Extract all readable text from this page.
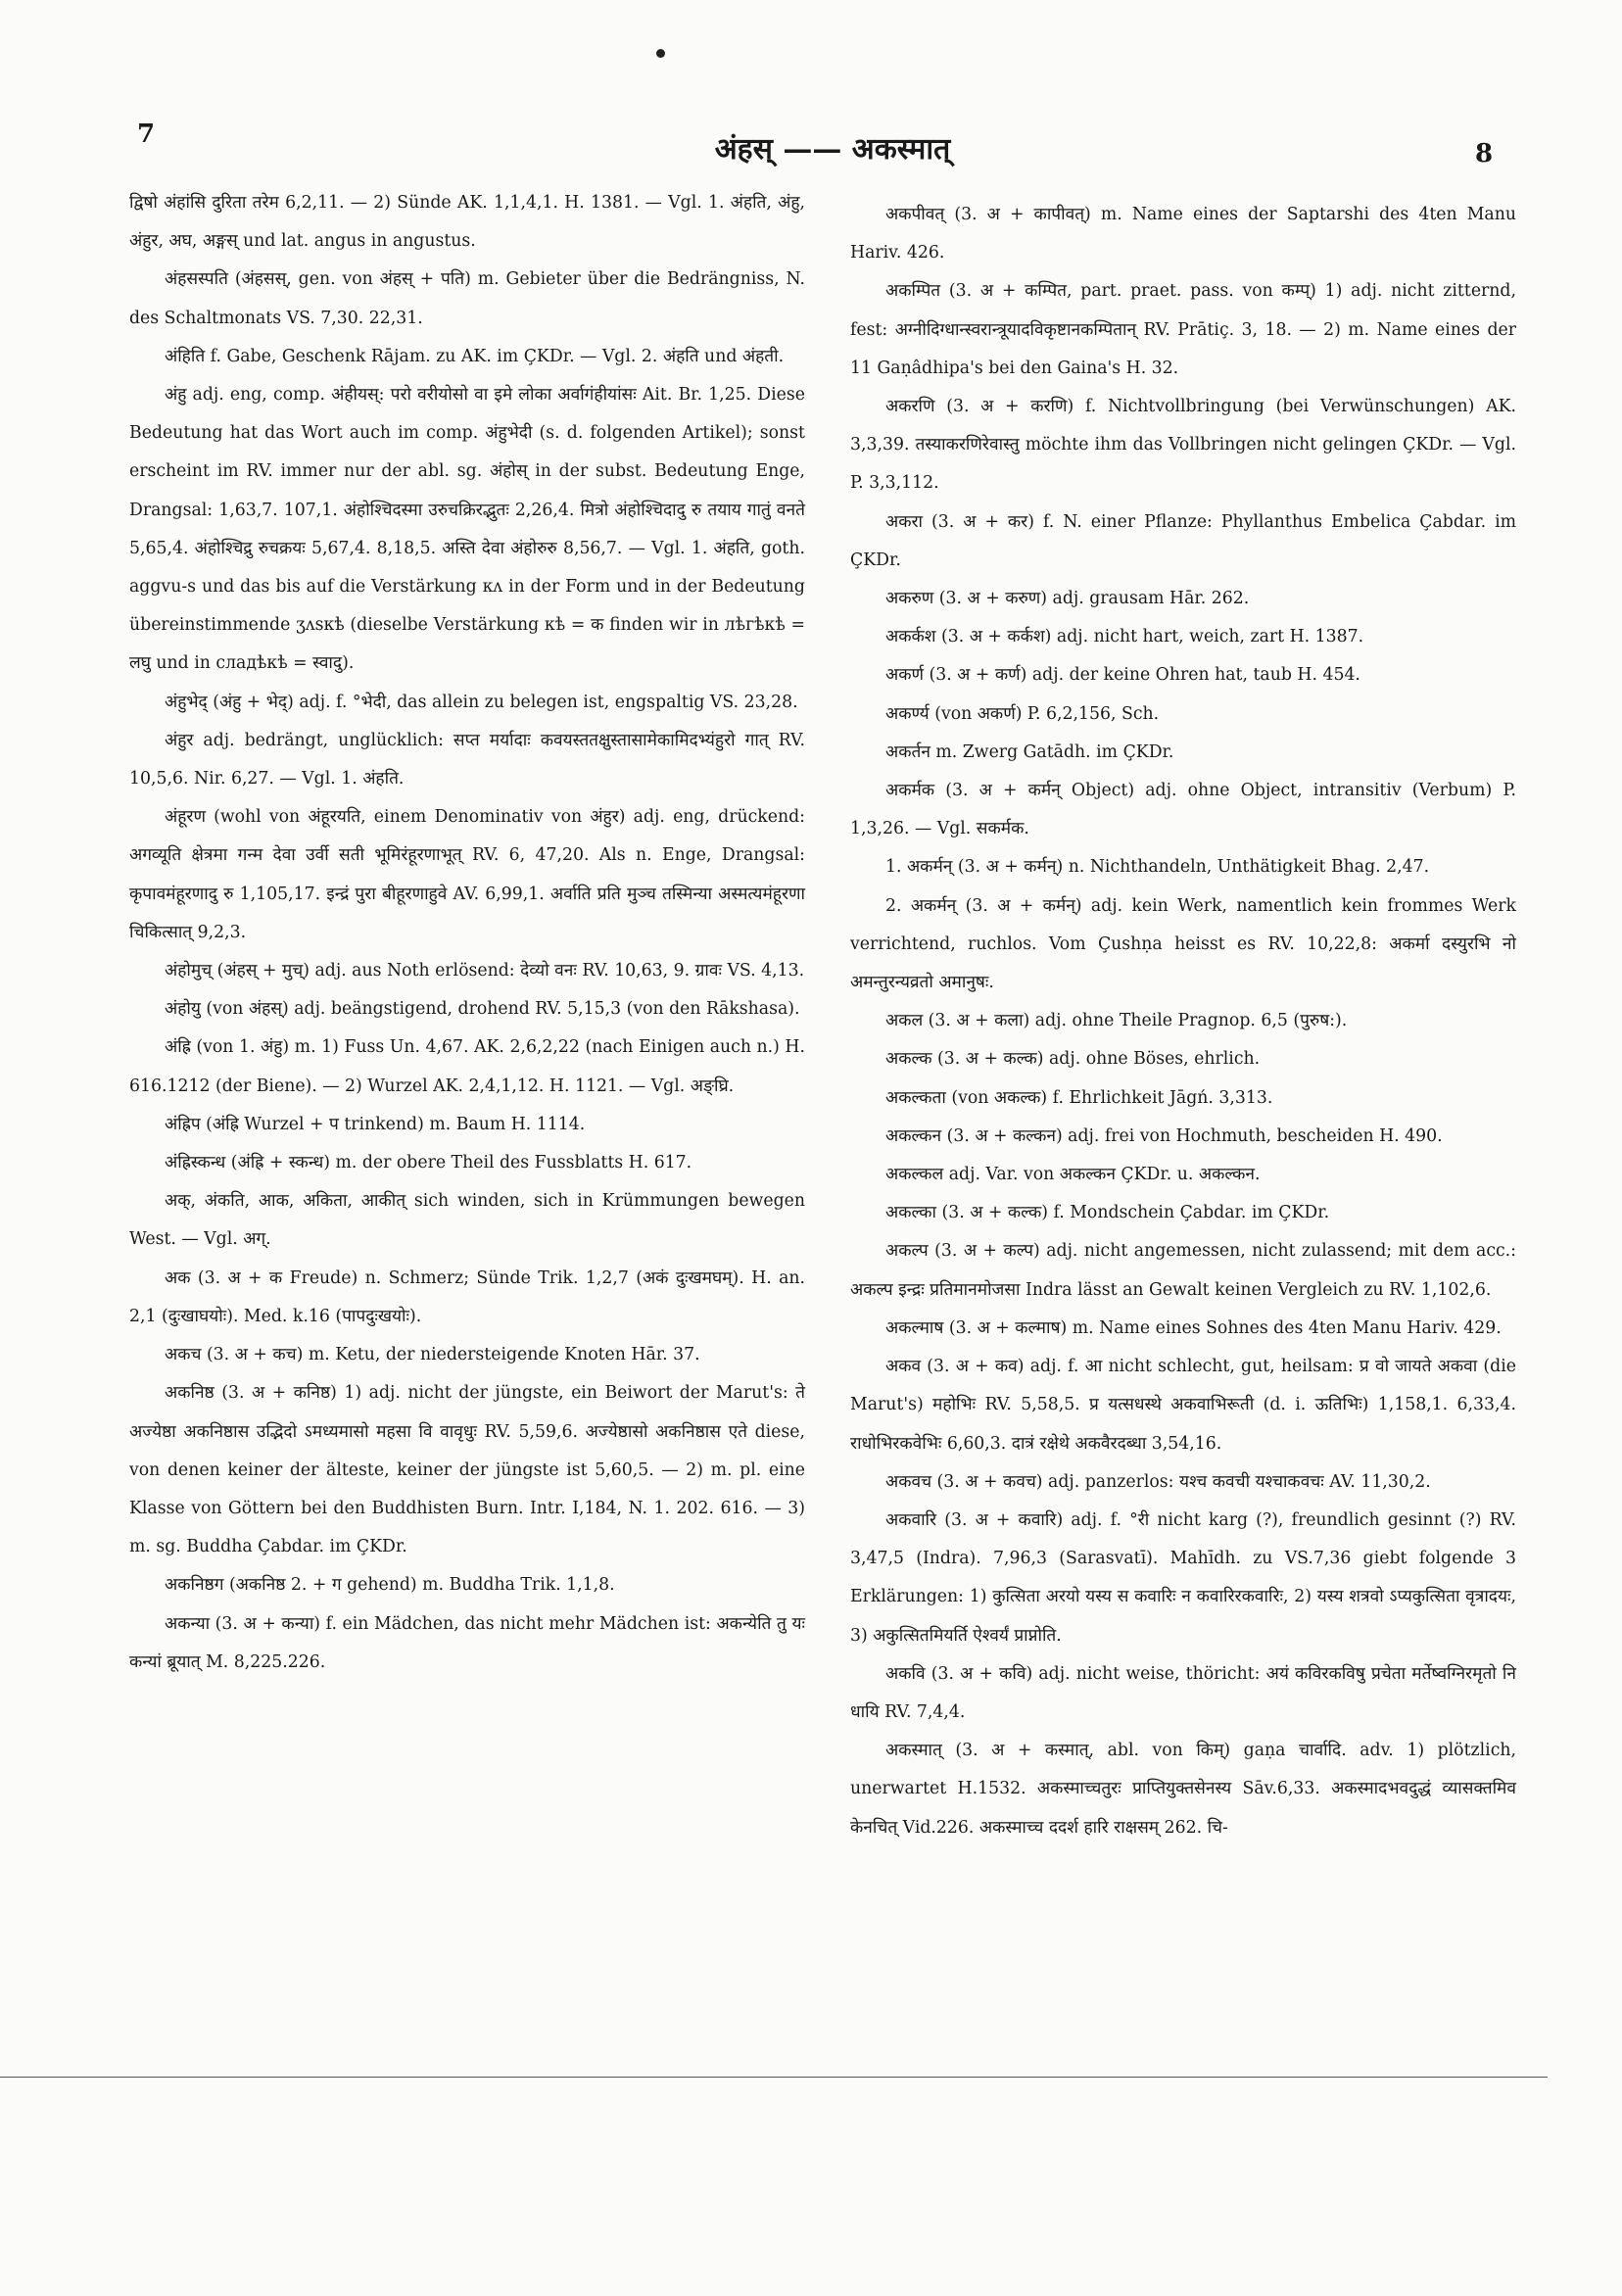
7	अंहस् —— अकस्मात्	8

द्विषो अंहांसि दुरिता तरेम 6,2,11. — 2) Sünde AK. 1,1,4,1. H. 1381. — Vgl. 1. अंहति, अंहु, अंहुर, अघ, अङ्गस् und lat. angus in angustus.

अंहसस्पति (अंहसस्, gen. von अंहस् + पति) m. Gebieter über die Bedrängniss, N. des Schaltmonats VS. 7,30. 22,31.

अंहिति f. Gabe, Geschenk Rājam. zu AK. im ÇKDr. — Vgl. 2. अंहति und अंहती.

अंहु adj. eng, comp. अंहीयस्: परो वरीयोसो वा इमे लोका अर्वागंहीयांसः Ait. Br. 1,25. Diese Bedeutung hat das Wort auch im comp. अंहुभेदी (s. d. folgenden Artikel); sonst erscheint im RV. immer nur der abl. sg. अंहोस् in der subst. Bedeutung Enge, Drangsal: 1,63,7. 107,1. अंहोश्चिदस्मा उरुचक्रिरद्भुतः 2,26,4. मित्रो अंहोश्चिदादु रु तयाय गातुं वनते 5,65,4. अंहोश्चिद्रु रुचक्रयः 5,67,4. 8,18,5. अस्ति देवा अंहोरुरु 8,56,7. — Vgl. 1. अंहति, goth. aggvu-s und das bis auf die Verstärkung кᴧ in der Form und in der Bedeutung übereinstimmende ʒᴧѕкѣ (dieselbe Verstärkung кѣ = क finden wir in лѣгѣкѣ = लघु und in сладѣкѣ = स्वादु).

अंहुभेद् (अंहु + भेद्) adj. f. °भेदी, das allein zu belegen ist, engspaltig VS. 23,28.

अंहुर adj. bedrängt, unglücklich: सप्त मर्यादाः कवयस्ततक्षुस्तासामेकामिदभ्यंहुरो गात् RV. 10,5,6. Nir. 6,27. — Vgl. 1. अंहति.

अंहूरण (wohl von अंहूरयति, einem Denominativ von अंहुर) adj. eng, drückend: अगव्यूति क्षेत्रमा गन्म देवा उर्वी सती भूमिरंहूरणाभूत् RV. 6, 47,20. Als n. Enge, Drangsal: कृपावमंहूरणादु रु 1,105,17. इन्द्रं पुरा बीहूरणाहुवे AV. 6,99,1. अर्वाति प्रति मुञ्च तस्मिन्या अस्मत्यमंहूरणा चिकित्सात् 9,2,3.

अंहोमुच् (अंहस् + मुच्) adj. aus Noth erlösend: देव्यो वनः RV. 10,63, 9. ग्रावः VS. 4,13.

अंहोयु (von अंहस्) adj. beängstigend, drohend RV. 5,15,3 (von den Rākshasa).

अंह्रि (von 1. अंहु) m. 1) Fuss Un. 4,67. AK. 2,6,2,22 (nach Einigen auch n.) H. 616.1212 (der Biene). — 2) Wurzel AK. 2,4,1,12. H. 1121. — Vgl. अङ्घ्रि.

अंह्रिप (अंह्रि Wurzel + प trinkend) m. Baum H. 1114.

अंह्रिस्कन्ध (अंह्रि + स्कन्ध) m. der obere Theil des Fussblatts H. 617.

अक्, अंकति, आक, अकिता, आकीत् sich winden, sich in Krümmungen bewegen West. — Vgl. अग्.

अक (3. अ + क Freude) n. Schmerz; Sünde Trik. 1,2,7 (अकं दुःखमघम्). H. an. 2,1 (दुःखाघयोः). Med. k.16 (पापदुःखयोः).

अकच (3. अ + कच) m. Ketu, der niedersteigende Knoten Hār. 37.

अकनिष्ठ (3. अ + कनिष्ठ) 1) adj. nicht der jüngste, ein Beiwort der Marut's: ते अज्येष्ठा अकनिष्ठास उद्भिदो ऽमध्यमासो महसा वि वावृधुः RV. 5,59,6. अज्येष्ठासो अकनिष्ठास एते diese, von denen keiner der älteste, keiner der jüngste ist 5,60,5. — 2) m. pl. eine Klasse von Göttern bei den Buddhisten Burn. Intr. I,184, N. 1. 202. 616. — 3) m. sg. Buddha Çabdar. im ÇKDr.

अकनिष्ठग (अकनिष्ठ 2. + ग gehend) m. Buddha Trik. 1,1,8.

अकन्या (3. अ + कन्या) f. ein Mädchen, das nicht mehr Mädchen ist: अकन्येति तु यः कन्यां ब्रूयात् M. 8,225.226.

अकपीवत् (3. अ + कापीवत्) m. Name eines der Saptarshi des 4ten Manu Hariv. 426.

अकम्पित (3. अ + कम्पित, part. praet. pass. von कम्प्) 1) adj. nicht zitternd, fest: अग्नीदिग्धान्स्वरान्त्रूयादविकृष्टानकम्पितान् RV. Prātiç. 3, 18. — 2) m. Name eines der 11 Gaṇâdhipa's bei den Gaina's H. 32.

अकरणि (3. अ + करणि) f. Nichtvollbringung (bei Verwünschungen) AK. 3,3,39. तस्याकरणिरेवास्तु möchte ihm das Vollbringen nicht gelingen ÇKDr. — Vgl. P. 3,3,112.

अकरा (3. अ + कर) f. N. einer Pflanze: Phyllanthus Embelica Çabdar. im ÇKDr.

अकरुण (3. अ + करुण) adj. grausam Hār. 262.

अकर्कश (3. अ + कर्कश) adj. nicht hart, weich, zart H. 1387.

अकर्ण (3. अ + कर्ण) adj. der keine Ohren hat, taub H. 454.

अकर्ण्य (von अकर्ण) P. 6,2,156, Sch.

अकर्तन m. Zwerg Gatādh. im ÇKDr.

अकर्मक (3. अ + कर्मन् Object) adj. ohne Object, intransitiv (Verbum) P. 1,3,26. — Vgl. सकर्मक.

1. अकर्मन् (3. अ + कर्मन्) n. Nichthandeln, Unthätigkeit Bhag. 2,47.

2. अकर्मन् (3. अ + कर्मन्) adj. kein Werk, namentlich kein frommes Werk verrichtend, ruchlos. Vom Çushṇa heisst es RV. 10,22,8: अकर्मा दस्युरभि नो अमन्तुरन्यव्रतो अमानुषः.

अकल (3. अ + कला) adj. ohne Theile Pragnop. 6,5 (पुरुष:).

अकल्क (3. अ + कल्क) adj. ohne Böses, ehrlich.

अकल्कता (von अकल्क) f. Ehrlichkeit Jāgń. 3,313.

अकल्कन (3. अ + कल्कन) adj. frei von Hochmuth, bescheiden H. 490.

अकल्कल adj. Var. von अकल्कन ÇKDr. u. अकल्कन.

अकल्का (3. अ + कल्क) f. Mondschein Çabdar. im ÇKDr.

अकल्प (3. अ + कल्प) adj. nicht angemessen, nicht zulassend; mit dem acc.: अकल्प इन्द्रः प्रतिमानमोजसा Indra lässt an Gewalt keinen Vergleich zu RV. 1,102,6.

अकल्माष (3. अ + कल्माष) m. Name eines Sohnes des 4ten Manu Hariv. 429.

अकव (3. अ + कव) adj. f. आ nicht schlecht, gut, heilsam: प्र वो जायते अकवा (die Marut's) महोभिः RV. 5,58,5. प्र यत्सधस्थे अकवाभिरूती (d. i. ऊतिभिः) 1,158,1. 6,33,4. राधोभिरकवेभिः 6,60,3. दात्रं रक्षेथे अकवैरदब्धा 3,54,16.

अकवच (3. अ + कवच) adj. panzerlos: यश्च कवची यश्चाकवचः AV. 11,30,2.

अकवारि (3. अ + कवारि) adj. f. °री nicht karg (?), freundlich gesinnt (?) RV. 3,47,5 (Indra). 7,96,3 (Sarasvatī). Mahīdh. zu VS.7,36 giebt folgende 3 Erklärungen: 1) कुत्सिता अरयो यस्य स कवारिः न कवारिरकवारिः, 2) यस्य शत्रवो ऽप्यकुत्सिता वृत्रादयः, 3) अकुत्सितमियर्ति ऐश्वर्यं प्राप्नोति.

अकवि (3. अ + कवि) adj. nicht weise, thöricht: अयं कविरकविषु प्रचेता मर्तेष्वग्निरमृतो नि धायि RV. 7,4,4.

अकस्मात् (3. अ + कस्मात्, abl. von किम्) gaṇa चार्वादि. adv. 1) plötzlich, unerwartet H.1532. अकस्माच्चतुरः प्राप्तियुक्तसेनस्य Sāv.6,33. अकस्मादभवदुद्धं व्यासक्तमिव केनचित् Vid.226. अकस्माच्च ददर्श हारि राक्षसम् 262. चि-
